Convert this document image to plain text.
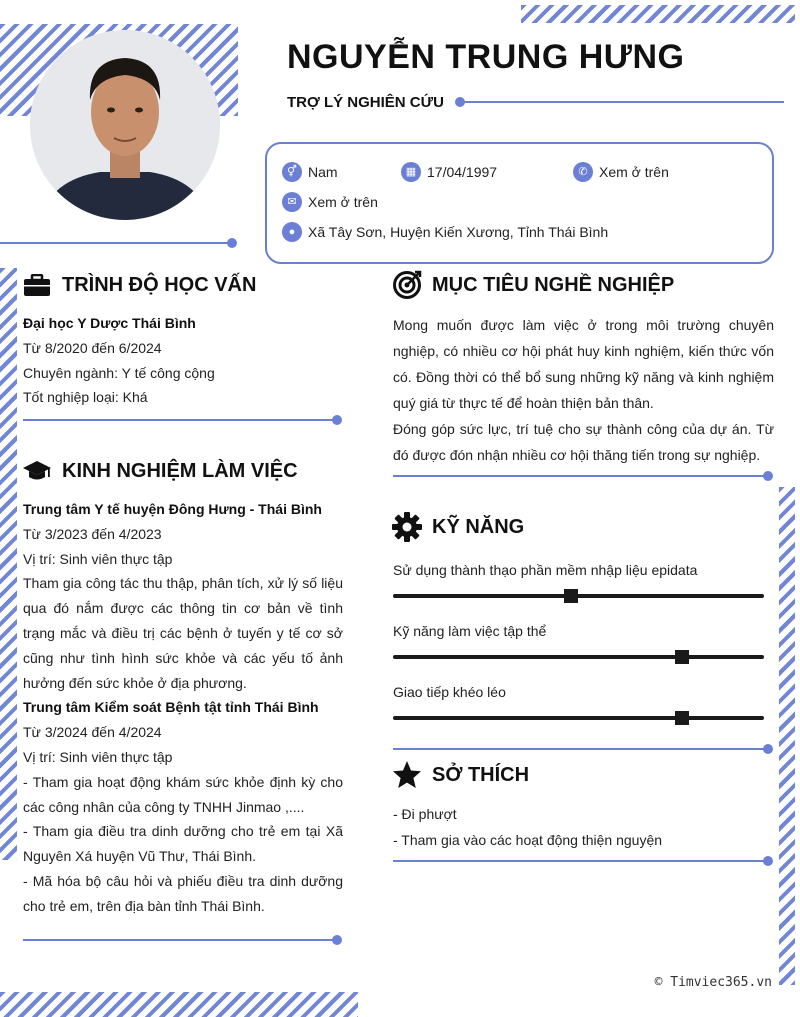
NGUYỄN TRUNG HƯNG
TRỢ LÝ NGHIÊN CỨU
⚥ Nam	▦ 17/04/1997	✆ Xem ở trên
✉ Xem ở trên
● Xã Tây Sơn, Huyện Kiến Xương, Tỉnh Thái Bình
TRÌNH ĐỘ HỌC VẤN
Đại học Y Dược Thái Bình
Từ 8/2020 đến 6/2024
Chuyên ngành: Y tế công cộng
Tốt nghiệp loại: Khá
KINH NGHIỆM LÀM VIỆC
Trung tâm Y tế huyện Đông Hưng - Thái Bình
Từ 3/2023 đến 4/2023
Vị trí: Sinh viên thực tập
Tham gia công tác thu thập, phân tích, xử lý số liệu qua đó nắm được các thông tin cơ bản về tình trạng mắc và điều trị các bệnh ở tuyến y tế cơ sở cũng như tình hình sức khỏe và các yếu tố ảnh hưởng đến sức khỏe ở địa phương.
Trung tâm Kiểm soát Bệnh tật tỉnh Thái Bình
Từ 3/2024 đến 4/2024
Vị trí: Sinh viên thực tập
- Tham gia hoạt động khám sức khỏe định kỳ cho các công nhân của công ty TNHH Jinmao ,....
- Tham gia điều tra dinh dưỡng cho trẻ em tại Xã Nguyên Xá huyện Vũ Thư, Thái Bình.
- Mã hóa bộ câu hỏi và phiếu điều tra dinh dưỡng cho trẻ em, trên địa bàn tỉnh Thái Bình.
MỤC TIÊU NGHỀ NGHIỆP
Mong muốn được làm việc ở trong môi trường chuyên nghiệp, có nhiều cơ hội phát huy kinh nghiệm, kiến thức vốn có. Đồng thời có thể bổ sung những kỹ năng và kinh nghiệm quý giá từ thực tế để hoàn thiện bản thân.
Đóng góp sức lực, trí tuệ cho sự thành công của dự án. Từ đó được đón nhận nhiều cơ hội thăng tiến trong sự nghiệp.
KỸ NĂNG
Sử dụng thành thạo phần mềm nhập liệu epidata
Kỹ năng làm việc tập thể
Giao tiếp khéo léo
SỞ THÍCH
- Đi phượt
- Tham gia vào các hoạt động thiện nguyện
© Timviec365.vn
